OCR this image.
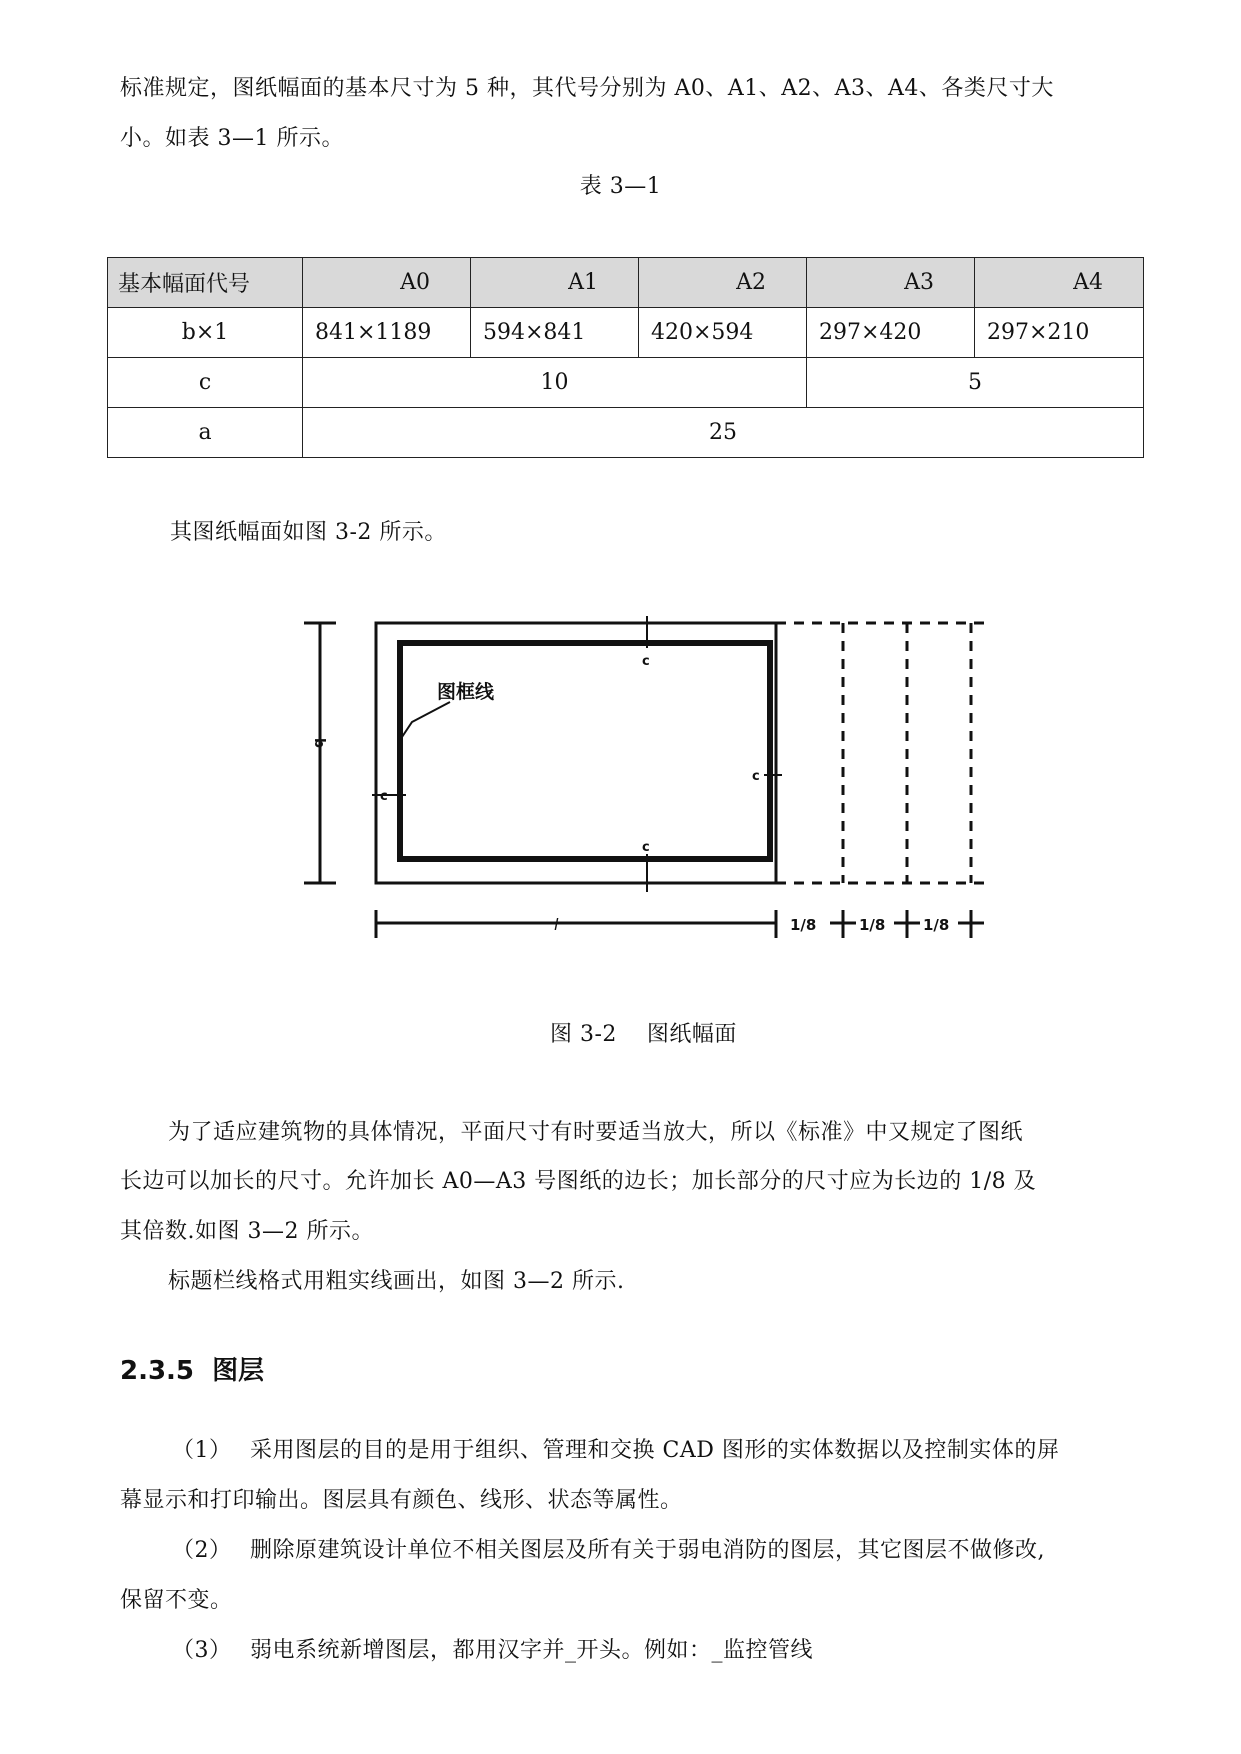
标准规定，图纸幅面的基本尺寸为 5 种，其代号分别为 A0、A1、A2、A3、A4、各类尺寸大
小。如表 3—1 所示。
表 3—1
基本幅面代号	A0	A1	A2	A3	A4
b×1	841×1189	594×841	420×594	297×420	297×210
c	10			5	
a	25				
其图纸幅面如图 3-2 所示。
图框线
c
c
c
c
b
l	1/8	1/8	1/8
图 3-2    图纸幅面
为了适应建筑物的具体情况，平面尺寸有时要适当放大，所以《标准》中又规定了图纸
长边可以加长的尺寸。允许加长 A0—A3 号图纸的边长；加长部分的尺寸应为长边的 1/8 及
其倍数.如图 3—2 所示。
标题栏线格式用粗实线画出，如图 3—2 所示.
2.3.5  图层
（1） 采用图层的目的是用于组织、管理和交换 CAD 图形的实体数据以及控制实体的屏
幕显示和打印输出。图层具有颜色、线形、状态等属性。
（2） 删除原建筑设计单位不相关图层及所有关于弱电消防的图层，其它图层不做修改,
保留不变。
（3） 弱电系统新增图层，都用汉字并_开头。例如：_监控管线
